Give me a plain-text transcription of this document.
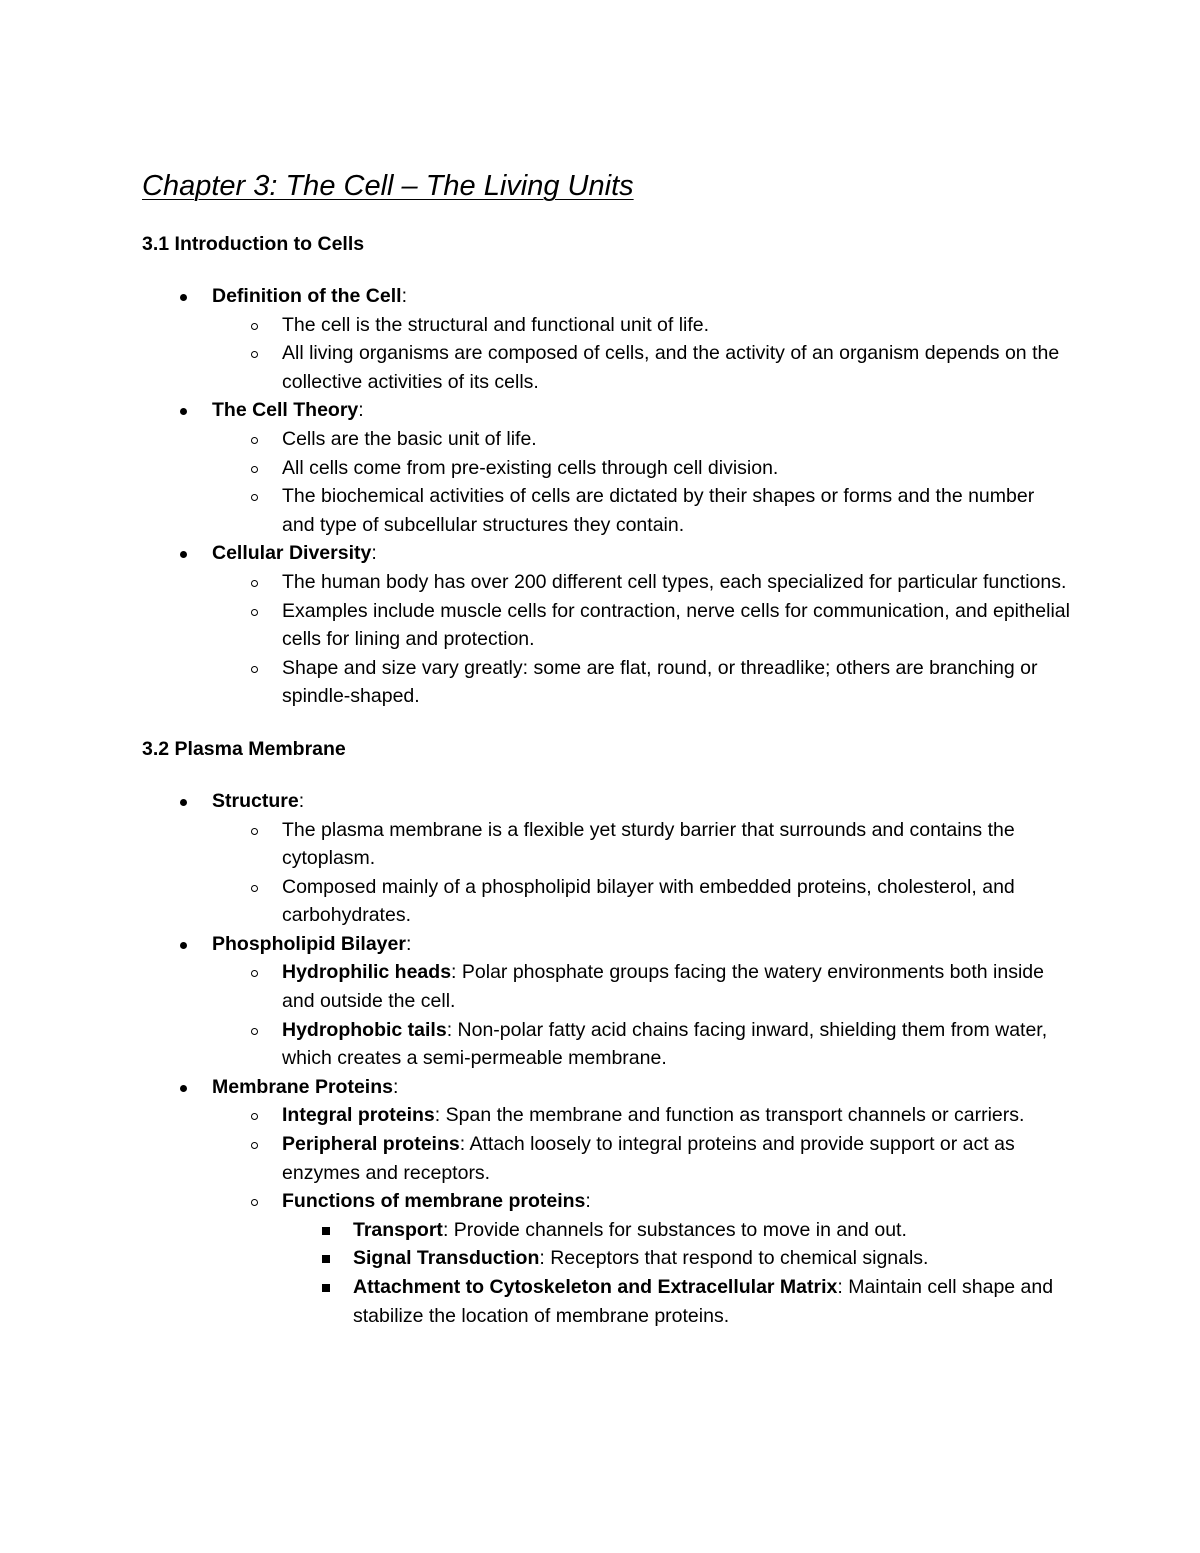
Chapter 3: The Cell – The Living Units
3.1 Introduction to Cells
Definition of the Cell:
The cell is the structural and functional unit of life.
All living organisms are composed of cells, and the activity of an organism depends on the collective activities of its cells.
The Cell Theory:
Cells are the basic unit of life.
All cells come from pre-existing cells through cell division.
The biochemical activities of cells are dictated by their shapes or forms and the number and type of subcellular structures they contain.
Cellular Diversity:
The human body has over 200 different cell types, each specialized for particular functions.
Examples include muscle cells for contraction, nerve cells for communication, and epithelial cells for lining and protection.
Shape and size vary greatly: some are flat, round, or threadlike; others are branching or spindle-shaped.
3.2 Plasma Membrane
Structure:
The plasma membrane is a flexible yet sturdy barrier that surrounds and contains the cytoplasm.
Composed mainly of a phospholipid bilayer with embedded proteins, cholesterol, and carbohydrates.
Phospholipid Bilayer:
Hydrophilic heads: Polar phosphate groups facing the watery environments both inside and outside the cell.
Hydrophobic tails: Non-polar fatty acid chains facing inward, shielding them from water, which creates a semi-permeable membrane.
Membrane Proteins:
Integral proteins: Span the membrane and function as transport channels or carriers.
Peripheral proteins: Attach loosely to integral proteins and provide support or act as enzymes and receptors.
Functions of membrane proteins:
Transport: Provide channels for substances to move in and out.
Signal Transduction: Receptors that respond to chemical signals.
Attachment to Cytoskeleton and Extracellular Matrix: Maintain cell shape and stabilize the location of membrane proteins.
